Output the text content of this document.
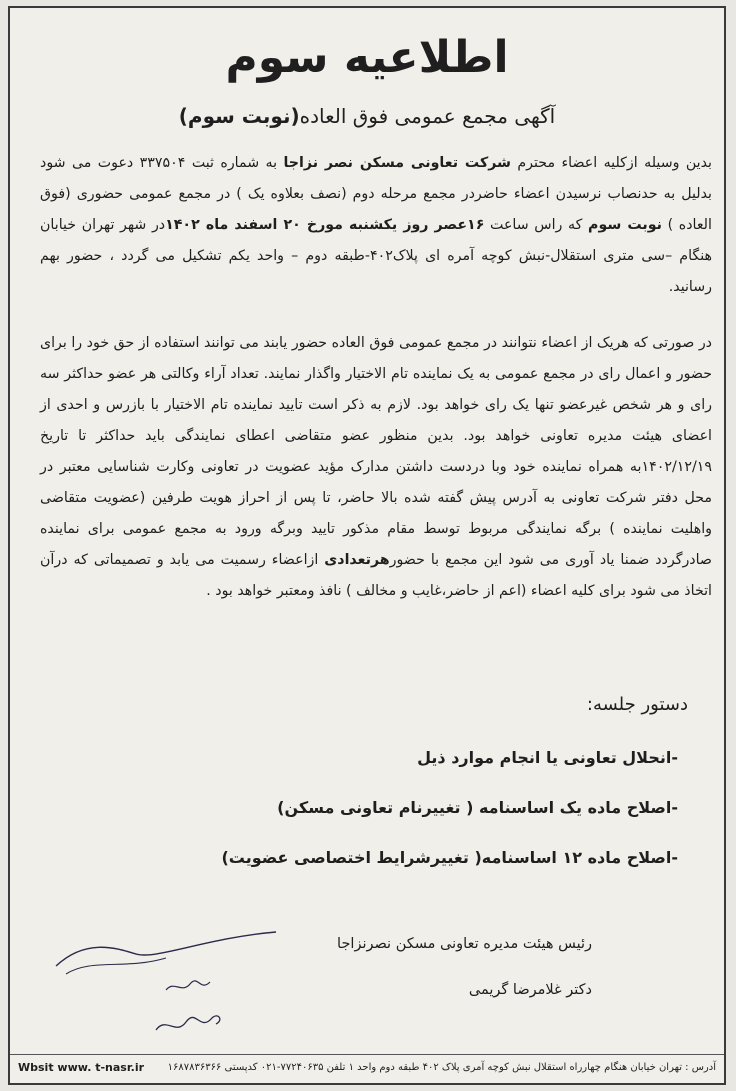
اطلاعیه سوم
آگهی مجمع عمومی فوق العاده(نوبت سوم)
بدین وسیله ازکلیه اعضاء محترم شرکت تعاونی مسکن نصر نزاجا به شماره ثبت ۳۳۷۵۰۴ دعوت می شود بدلیل به حدنصاب نرسیدن اعضاء حاضردر مجمع مرحله دوم (نصف بعلاوه یک ) در مجمع عمومی حضوری (فوق العاده ) نوبت سوم که راس ساعت ۱۶عصر روز یکشنبه مورخ ۲۰ اسفند ماه ۱۴۰۲در شهر تهران خیابان هنگام –سی متری استقلال-نبش کوچه آمره ای پلاک۴۰۲-طبقه دوم – واحد یکم تشکیل می گردد ، حضور بهم رسانید.
در صورتی که هریک از اعضاء نتوانند در مجمع عمومی فوق العاده حضور یابند می توانند استفاده از حق خود را برای حضور و اعمال رای در مجمع عمومی به یک نماینده تام الاختیار واگذار نمایند. تعداد آراء وکالتی هر عضو حداکثر سه رای و هر شخص غیرعضو تنها یک رای خواهد بود. لازم به ذکر است تایید نماینده تام الاختیار با بازرس و احدی از اعضای هیئت مدیره تعاونی خواهد بود. بدین منظور عضو متقاضی اعطای نمایندگی باید حداکثر تا تاریخ ۱۴۰۲/۱۲/۱۹به همراه نماینده خود وبا دردست داشتن مدارک مؤید عضویت در تعاونی وکارت شناسایی معتبر در محل دفتر شرکت تعاونی به آدرس پیش گفته شده بالا حاضر، تا پس از احراز هویت طرفین (عضویت متقاضی واهلیت نماینده ) برگه نمایندگی مربوط توسط مقام مذکور تایید وبرگه ورود به مجمع عمومی برای نماینده صادرگردد ضمنا یاد آوری می شود این مجمع با حضورهرتعدادی ازاعضاء رسمیت می یابد و تصمیماتی که درآن اتخاذ می شود برای کلیه اعضاء (اعم از حاضر،غایب و مخالف ) نافذ ومعتبر خواهد بود .
دستور جلسه:
-انحلال تعاونی یا انجام موارد ذیل
-اصلاح ماده یک اساسنامه ( تغییرنام تعاونی مسکن)
-اصلاح ماده ۱۲ اساسنامه( تغییرشرایط اختصاصی عضویت)
رئیس هیئت مدیره تعاونی مسکن نصرنزاجا
دکتر غلامرضا گریمی
آدرس : تهران خیابان هنگام چهارراه استقلال نبش کوچه آمری پلاک ۴۰۲ طبقه دوم واحد ۱ تلفن ۷۷۲۴۰۶۳۵-۰۲۱ کدپستی ۱۶۸۷۸۳۶۳۶۶
Wbsit www. t-nasr.ir
